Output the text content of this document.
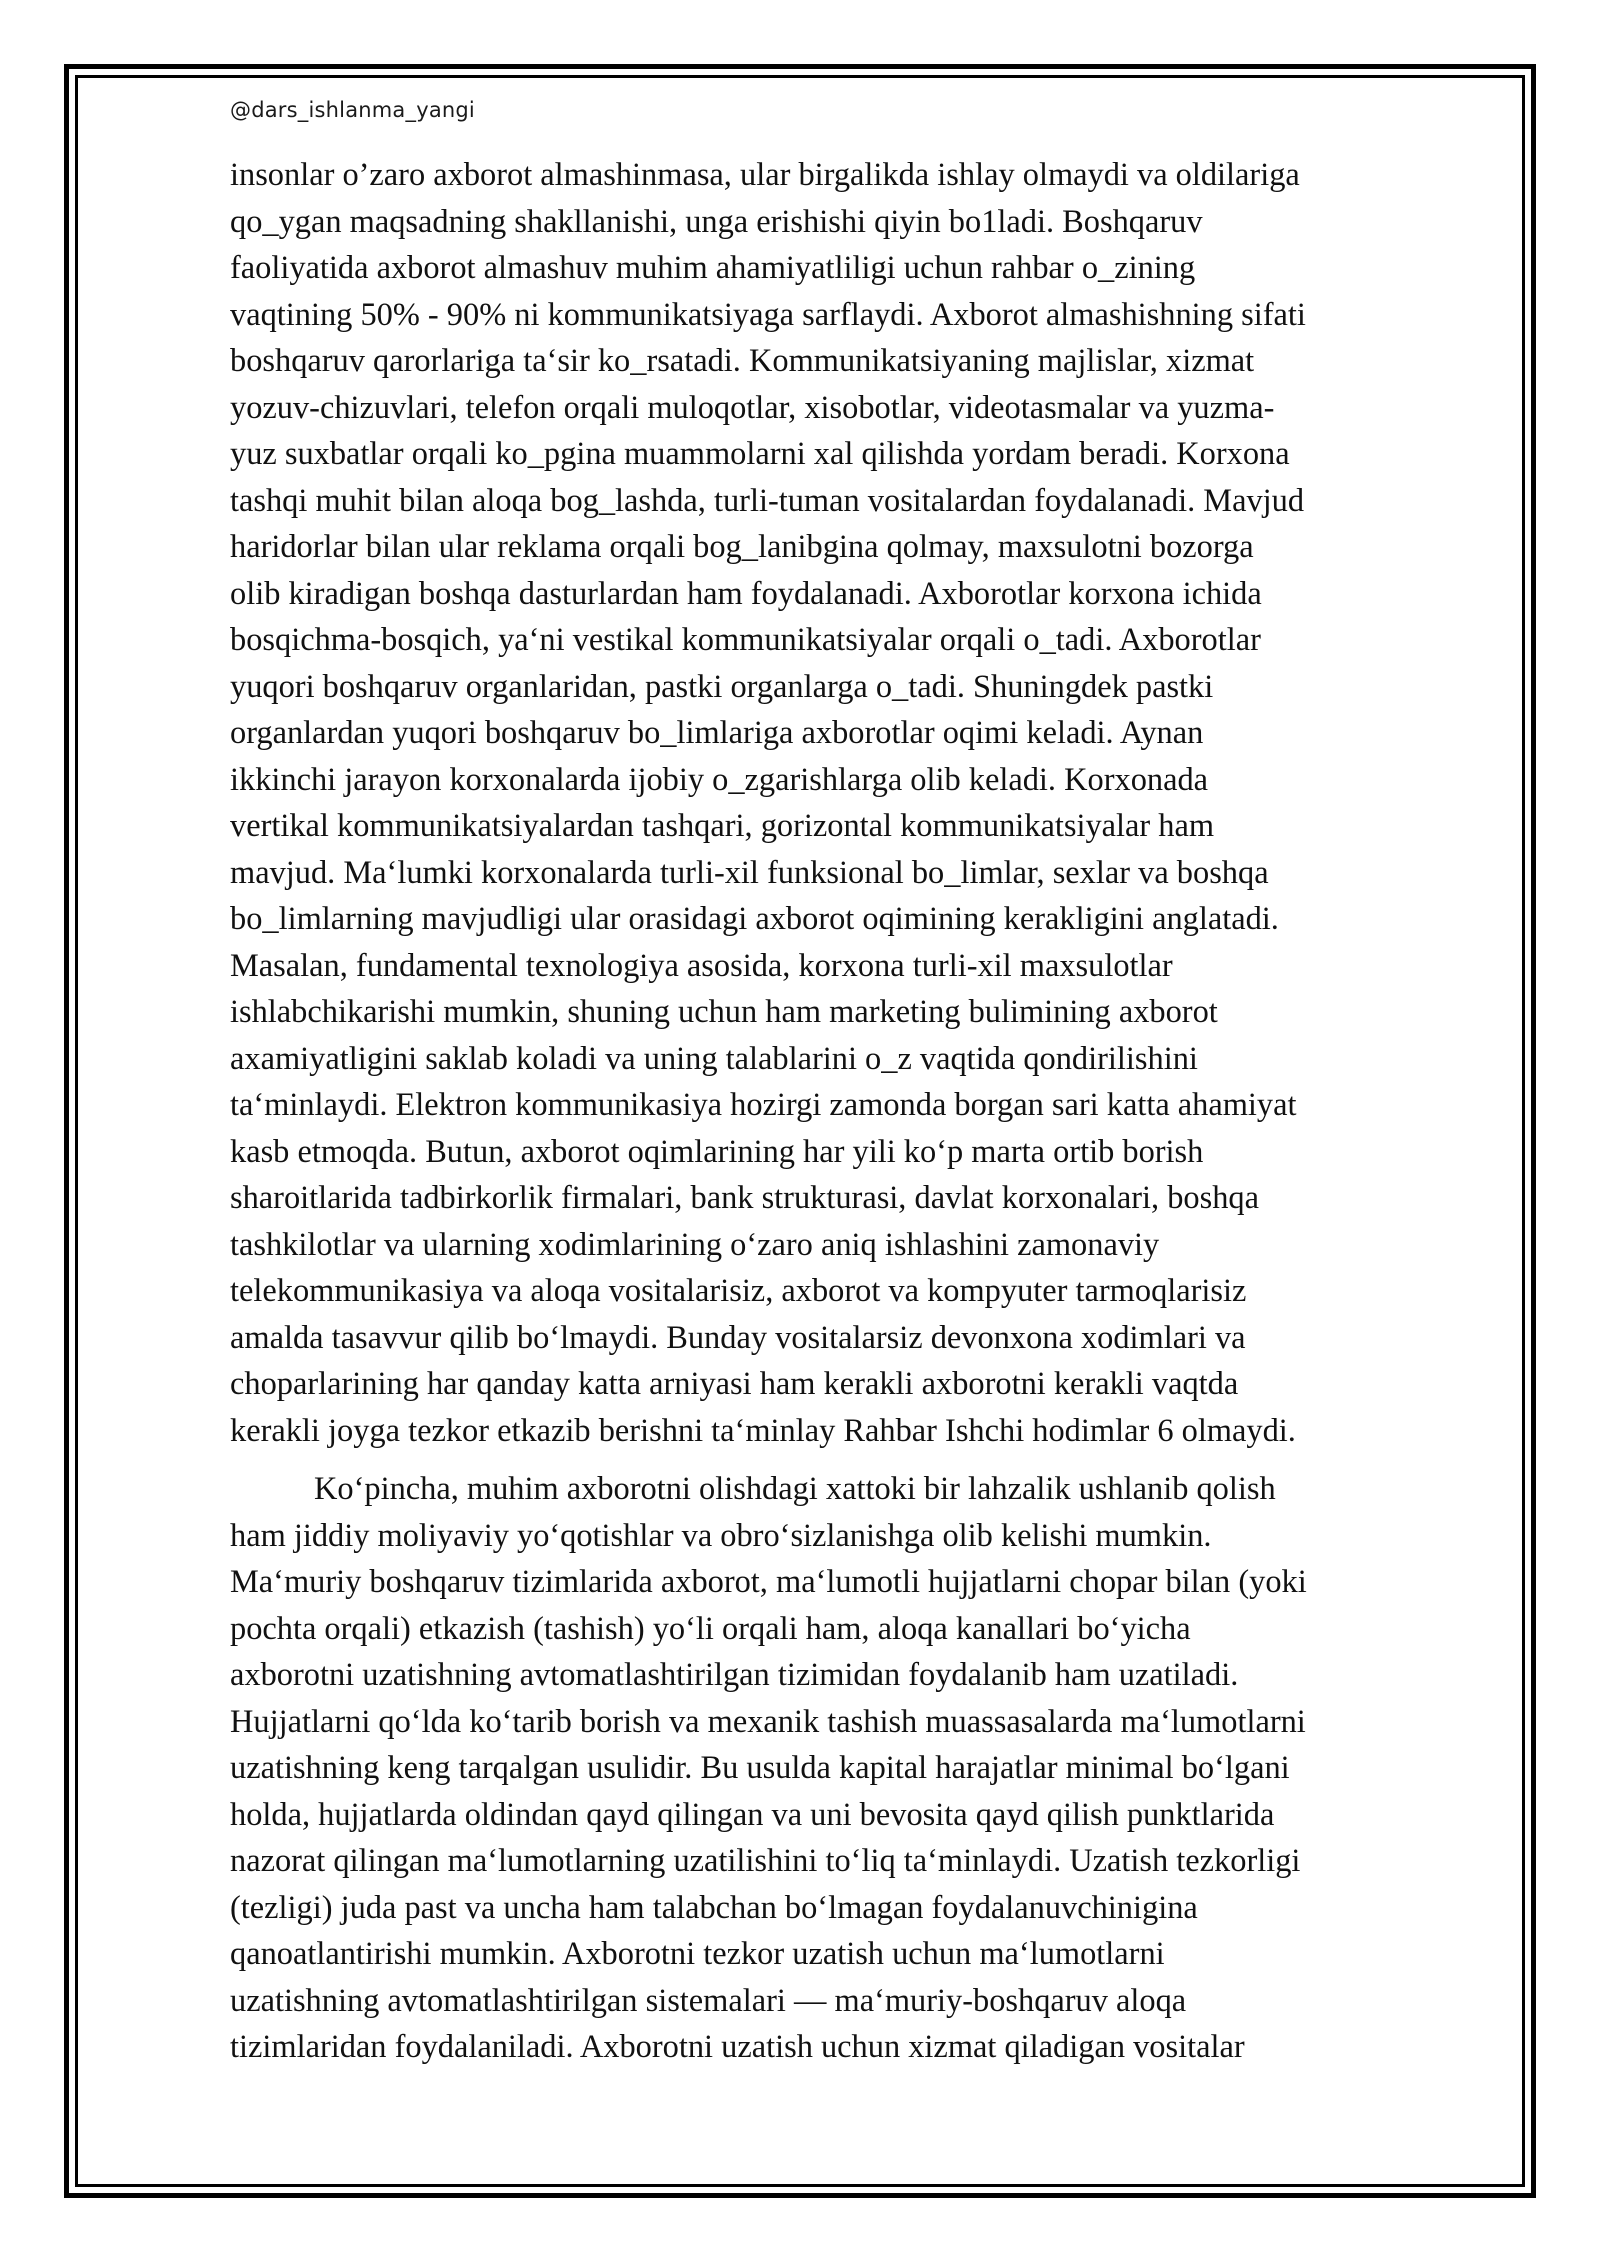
@dars_ishlanma_yangi

insonlar o’zaro axborot almashinmasa, ular birgalikda ishlay olmaydi va oldilariga
qo_ygan maqsadning shakllanishi, unga erishishi qiyin bo1ladi. Boshqaruv
faoliyatida axborot almashuv muhim ahamiyatliligi uchun rahbar o_zining
vaqtining 50% - 90% ni kommunikatsiyaga sarflaydi. Axborot almashishning sifati
boshqaruv qarorlariga ta‘sir ko_rsatadi. Kommunikatsiyaning majlislar, xizmat
yozuv-chizuvlari, telefon orqali muloqotlar, xisobotlar, videotasmalar va yuzma-
yuz suxbatlar orqali ko_pgina muammolarni xal qilishda yordam beradi. Korxona
tashqi muhit bilan aloqa bog_lashda, turli-tuman vositalardan foydalanadi. Mavjud
haridorlar bilan ular reklama orqali bog_lanibgina qolmay, maxsulotni bozorga
olib kiradigan boshqa dasturlardan ham foydalanadi. Axborotlar korxona ichida
bosqichma-bosqich, ya‘ni vestikal kommunikatsiyalar orqali o_tadi. Axborotlar
yuqori boshqaruv organlaridan, pastki organlarga o_tadi. Shuningdek pastki
organlardan yuqori boshqaruv bo_limlariga axborotlar oqimi keladi. Aynan
ikkinchi jarayon korxonalarda ijobiy o_zgarishlarga olib keladi. Korxonada
vertikal kommunikatsiyalardan tashqari, gorizontal kommunikatsiyalar ham
mavjud. Ma‘lumki korxonalarda turli-xil funksional bo_limlar, sexlar va boshqa
bo_limlarning mavjudligi ular orasidagi axborot oqimining kerakligini anglatadi.
Masalan, fundamental texnologiya asosida, korxona turli-xil maxsulotlar
ishlabchikarishi mumkin, shuning uchun ham marketing bulimining axborot
axamiyatligini saklab koladi va uning talablarini o_z vaqtida qondirilishini
ta‘minlaydi. Elektron kommunikasiya hozirgi zamonda borgan sari katta ahamiyat
kasb etmoqda. Butun, axborot oqimlarining har yili ko‘p marta ortib borish
sharoitlarida tadbirkorlik firmalari, bank strukturasi, davlat korxonalari, boshqa
tashkilotlar va ularning xodimlarining o‘zaro aniq ishlashini zamonaviy
telekommunikasiya va aloqa vositalarisiz, axborot va kompyuter tarmoqlarisiz
amalda tasavvur qilib bo‘lmaydi. Bunday vositalarsiz devonxona xodimlari va
choparlarining har qanday katta arniyasi ham kerakli axborotni kerakli vaqtda
kerakli joyga tezkor etkazib berishni ta‘minlay Rahbar Ishchi hodimlar 6 olmaydi.

Ko‘pincha, muhim axborotni olishdagi xattoki bir lahzalik ushlanib qolish
ham jiddiy moliyaviy yo‘qotishlar va obro‘sizlanishga olib kelishi mumkin.
Ma‘muriy boshqaruv tizimlarida axborot, ma‘lumotli hujjatlarni chopar bilan (yoki
pochta orqali) etkazish (tashish) yo‘li orqali ham, aloqa kanallari bo‘yicha
axborotni uzatishning avtomatlashtirilgan tizimidan foydalanib ham uzatiladi.
Hujjatlarni qo‘lda ko‘tarib borish va mexanik tashish muassasalarda ma‘lumotlarni
uzatishning keng tarqalgan usulidir. Bu usulda kapital harajatlar minimal bo‘lgani
holda, hujjatlarda oldindan qayd qilingan va uni bevosita qayd qilish punktlarida
nazorat qilingan ma‘lumotlarning uzatilishini to‘liq ta‘minlaydi. Uzatish tezkorligi
(tezligi) juda past va uncha ham talabchan bo‘lmagan foydalanuvchinigina
qanoatlantirishi mumkin. Axborotni tezkor uzatish uchun ma‘lumotlarni
uzatishning avtomatlashtirilgan sistemalari — ma‘muriy-boshqaruv aloqa
tizimlaridan foydalaniladi. Axborotni uzatish uchun xizmat qiladigan vositalar
